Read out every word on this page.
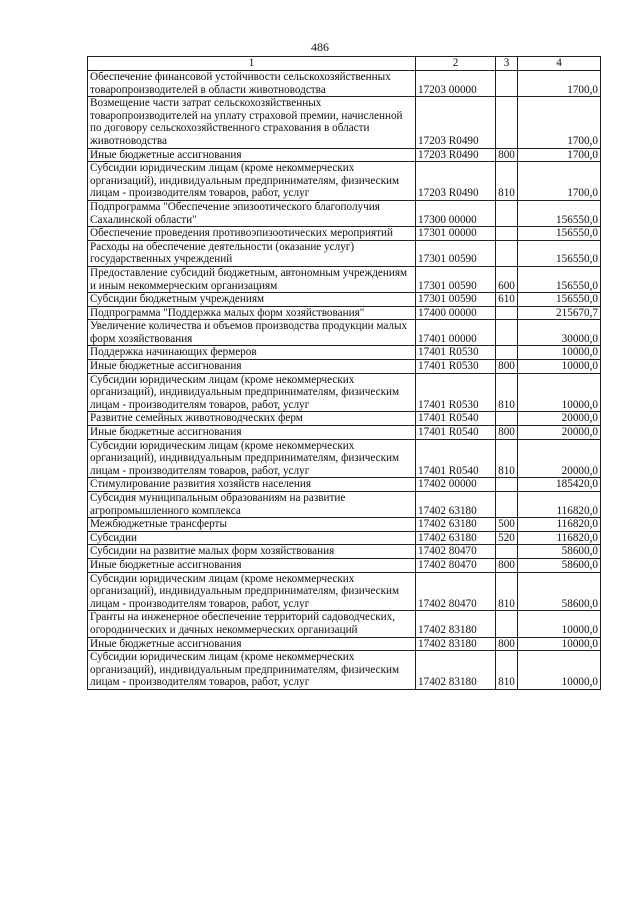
486
1	2	3	4
Обеспечение финансовой устойчивости сельскохозяйственных товаропроизводителей в области животноводства	17203 00000		1700,0
Возмещение части затрат сельскохозяйственных товаропроизводителей на уплату страховой премии, начисленной по договору сельскохозяйственного страхования в области животноводства	17203 R0490		1700,0
Иные бюджетные ассигнования	17203 R0490	800	1700,0
Субсидии юридическим лицам (кроме некоммерческих организаций), индивидуальным предпринимателям, физическим лицам - производителям товаров, работ, услуг	17203 R0490	810	1700,0
Подпрограмма "Обеспечение эпизоотического благополучия Сахалинской области"	17300 00000		156550,0
Обеспечение проведения противоэпизоотических мероприятий	17301 00000		156550,0
Расходы на обеспечение деятельности (оказание услуг) государственных учреждений	17301 00590		156550,0
Предоставление субсидий бюджетным, автономным учреждениям и иным некоммерческим организациям	17301 00590	600	156550,0
Субсидии бюджетным учреждениям	17301 00590	610	156550,0
Подпрограмма "Поддержка малых форм хозяйствования"	17400 00000		215670,7
Увеличение количества и объемов производства продукции малых форм хозяйствования	17401 00000		30000,0
Поддержка начинающих фермеров	17401 R0530		10000,0
Иные бюджетные ассигнования	17401 R0530	800	10000,0
Субсидии юридическим лицам (кроме некоммерческих организаций), индивидуальным предпринимателям, физическим лицам - производителям товаров, работ, услуг	17401 R0530	810	10000,0
Развитие семейных животноводческих ферм	17401 R0540		20000,0
Иные бюджетные ассигнования	17401 R0540	800	20000,0
Субсидии юридическим лицам (кроме некоммерческих организаций), индивидуальным предпринимателям, физическим лицам - производителям товаров, работ, услуг	17401 R0540	810	20000,0
Стимулирование развития хозяйств населения	17402 00000		185420,0
Субсидия муниципальным образованиям на развитие агропромышленного комплекса	17402 63180		116820,0
Межбюджетные трансферты	17402 63180	500	116820,0
Субсидии	17402 63180	520	116820,0
Субсидии на развитие малых форм хозяйствования	17402 80470		58600,0
Иные бюджетные ассигнования	17402 80470	800	58600,0
Субсидии юридическим лицам (кроме некоммерческих организаций), индивидуальным предпринимателям, физическим лицам - производителям товаров, работ, услуг	17402 80470	810	58600,0
Гранты на инженерное обеспечение территорий садоводческих, огороднических и дачных некоммерческих организаций	17402 83180		10000,0
Иные бюджетные ассигнования	17402 83180	800	10000,0
Субсидии юридическим лицам (кроме некоммерческих организаций), индивидуальным предпринимателям, физическим лицам - производителям товаров, работ, услуг	17402 83180	810	10000,0
